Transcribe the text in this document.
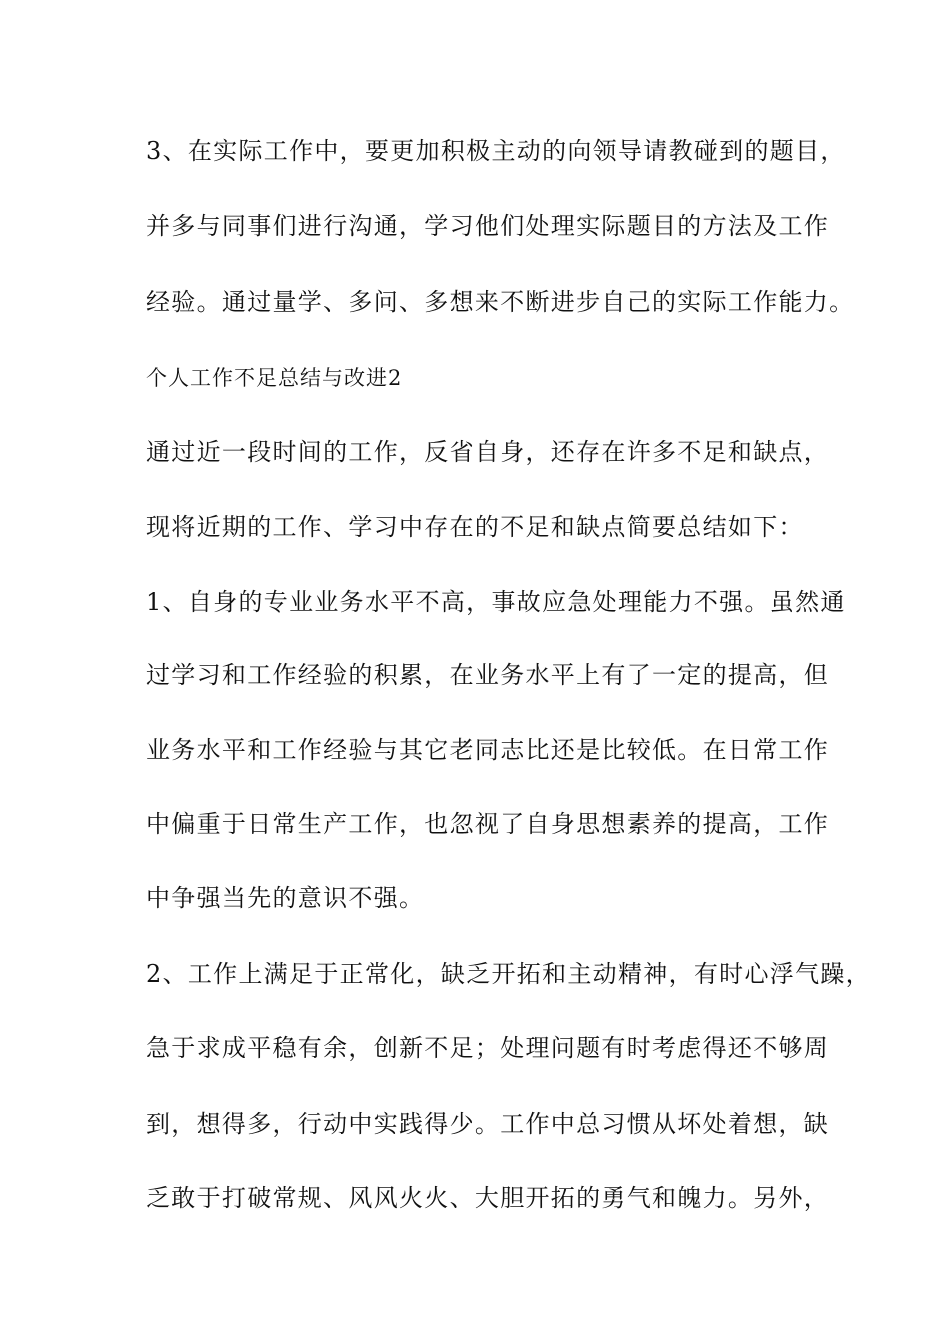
3、在实际工作中，要更加积极主动的向领导请教碰到的题目，
并多与同事们进行沟通，学习他们处理实际题目的方法及工作
经验。通过量学、多问、多想来不断进步自己的实际工作能力。
个人工作不足总结与改进2
通过近一段时间的工作，反省自身，还存在许多不足和缺点，
现将近期的工作、学习中存在的不足和缺点简要总结如下：
1、自身的专业业务水平不高，事故应急处理能力不强。虽然通
过学习和工作经验的积累，在业务水平上有了一定的提高，但
业务水平和工作经验与其它老同志比还是比较低。在日常工作
中偏重于日常生产工作，也忽视了自身思想素养的提高，工作
中争强当先的意识不强。
2、工作上满足于正常化，缺乏开拓和主动精神，有时心浮气躁，
急于求成平稳有余，创新不足；处理问题有时考虑得还不够周
到，想得多，行动中实践得少。工作中总习惯从坏处着想，缺
乏敢于打破常规、风风火火、大胆开拓的勇气和魄力。另外，
